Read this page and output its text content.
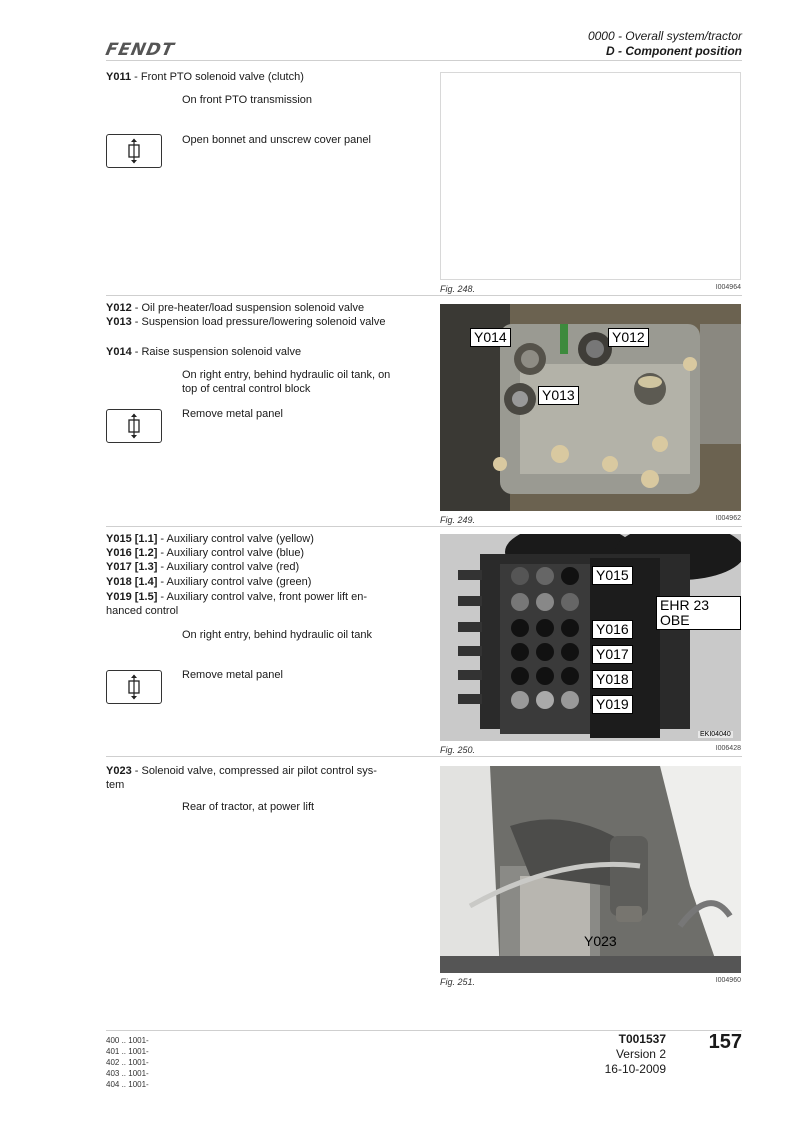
FENDT
0000 - Overall system/tractor
D - Component position
Y011 - Front PTO solenoid valve (clutch)
On front PTO transmission
Open bonnet and unscrew cover panel
Fig. 248.	I004964
Y012 - Oil pre-heater/load suspension solenoid valve
Y013 - Suspension load pressure/lowering solenoid valve
Y014 - Raise suspension solenoid valve
On right entry, behind hydraulic oil tank, on
top of central control block
Remove metal panel
Y014	Y012
Y013
Fig. 249.	I004962
Y015 [1.1] - Auxiliary control valve (yellow)
Y016 [1.2] - Auxiliary control valve (blue)
Y017 [1.3] - Auxiliary control valve (red)
Y018 [1.4] - Auxiliary control valve (green)
Y019 [1.5] - Auxiliary control valve, front power lift en-
hanced control
On right entry, behind hydraulic oil tank
Remove metal panel
Y015
EHR 23 OBE
Y016
Y017
Y018
Y019
EKI04040
Fig. 250.	I006428
Y023 - Solenoid valve, compressed air pilot control sys-
tem
Rear of tractor, at power lift
Y023
Fig. 251.	I004960
400 .. 1001-
401 .. 1001-
402 .. 1001-
403 .. 1001-
404 .. 1001-
T001537
Version 2
16-10-2009
157
